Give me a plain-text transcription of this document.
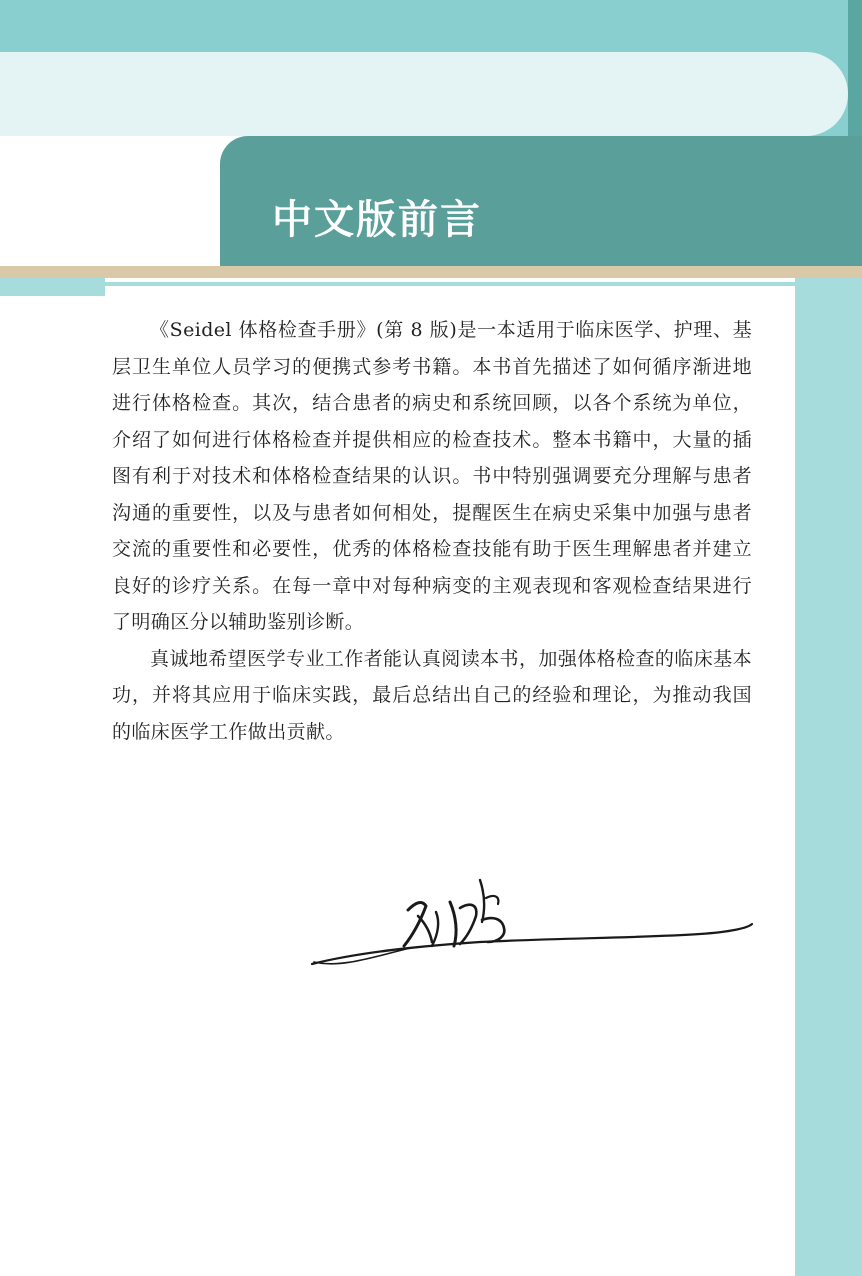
中文版前言

《Seidel 体格检查手册》(第 8 版)是一本适用于临床医学、护理、基层卫生单位人员学习的便携式参考书籍。本书首先描述了如何循序渐进地进行体格检查。其次，结合患者的病史和系统回顾，以各个系统为单位，介绍了如何进行体格检查并提供相应的检查技术。整本书籍中，大量的插图有利于对技术和体格检查结果的认识。书中特别强调要充分理解与患者沟通的重要性，以及与患者如何相处，提醒医生在病史采集中加强与患者交流的重要性和必要性，优秀的体格检查技能有助于医生理解患者并建立良好的诊疗关系。在每一章中对每种病变的主观表现和客观检查结果进行了明确区分以辅助鉴别诊断。

真诚地希望医学专业工作者能认真阅读本书，加强体格检查的临床基本功，并将其应用于临床实践，最后总结出自己的经验和理论，为推动我国的临床医学工作做出贡献。
